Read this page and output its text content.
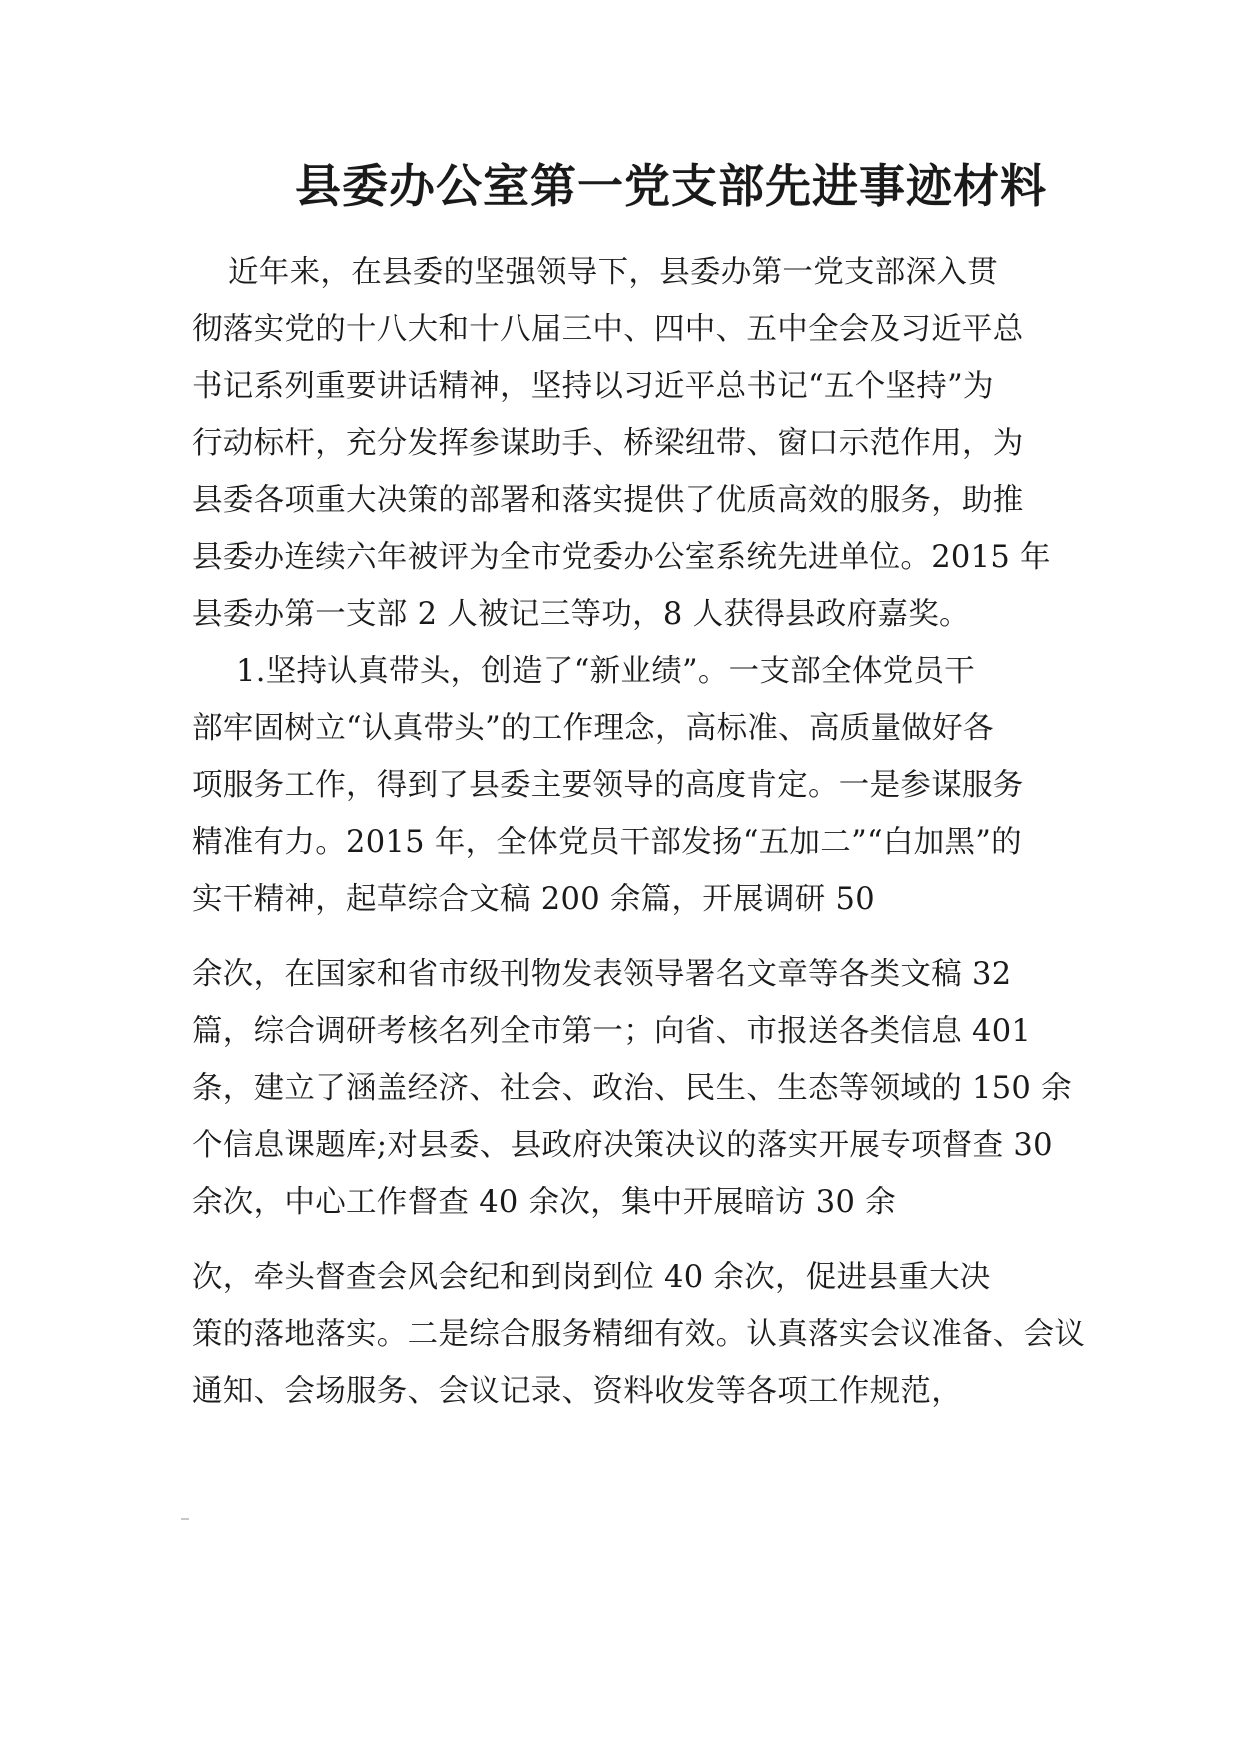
县委办公室第一党支部先进事迹材料
近年来，在县委的坚强领导下，县委办第一党支部深入贯
彻落实党的十八大和十八届三中、四中、五中全会及习近平总
书记系列重要讲话精神，坚持以习近平总书记“五个坚持”为
行动标杆，充分发挥参谋助手、桥梁纽带、窗口示范作用，为
县委各项重大决策的部署和落实提供了优质高效的服务，助推
县委办连续六年被评为全市党委办公室系统先进单位。2015 年
县委办第一支部 2 人被记三等功，8 人获得县政府嘉奖。
1.坚持认真带头，创造了“新业绩”。一支部全体党员干
部牢固树立“认真带头”的工作理念，高标准、高质量做好各
项服务工作，得到了县委主要领导的高度肯定。一是参谋服务
精准有力。2015 年，全体党员干部发扬“五加二”“白加黑”的
实干精神，起草综合文稿 200 余篇，开展调研 50
余次，在国家和省市级刊物发表领导署名文章等各类文稿 32
篇，综合调研考核名列全市第一；向省、市报送各类信息 401
条，建立了涵盖经济、社会、政治、民生、生态等领域的 150 余
个信息课题库;对县委、县政府决策决议的落实开展专项督查 30
余次，中心工作督查 40 余次，集中开展暗访 30 余
次，牵头督查会风会纪和到岗到位 40 余次，促进县重大决
策的落地落实。二是综合服务精细有效。认真落实会议准备、会议
通知、会场服务、会议记录、资料收发等各项工作规范，
